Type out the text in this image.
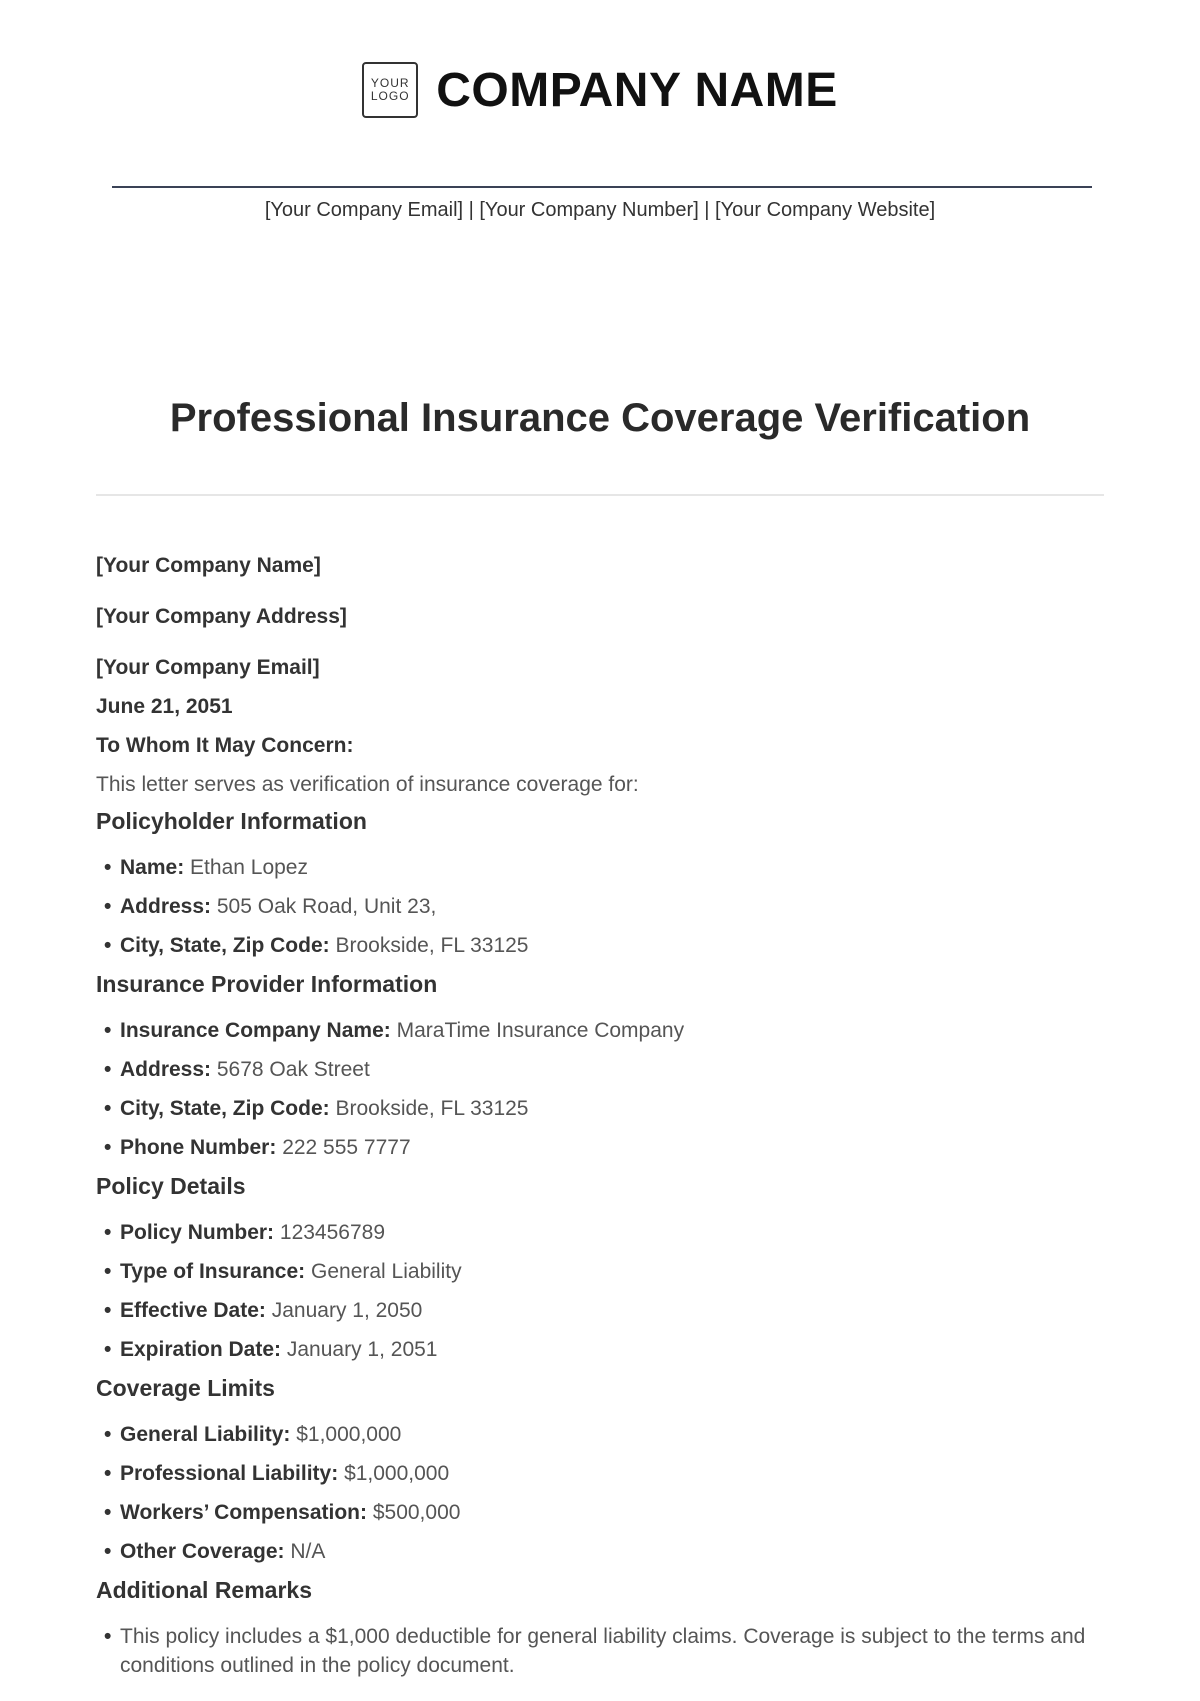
YOUR
LOGO COMPANY NAME
[Your Company Email] | [Your Company Number] | [Your Company Website]
Professional Insurance Coverage Verification
[Your Company Name]
[Your Company Address]
[Your Company Email]
June 21, 2051
To Whom It May Concern:
This letter serves as verification of insurance coverage for:
Policyholder Information
• Name: Ethan Lopez
• Address: 505 Oak Road, Unit 23,
• City, State, Zip Code: Brookside, FL 33125
Insurance Provider Information
• Insurance Company Name: MaraTime Insurance Company
• Address: 5678 Oak Street
• City, State, Zip Code: Brookside, FL 33125
• Phone Number: 222 555 7777
Policy Details
• Policy Number: 123456789
• Type of Insurance: General Liability
• Effective Date: January 1, 2050
• Expiration Date: January 1, 2051
Coverage Limits
• General Liability: $1,000,000
• Professional Liability: $1,000,000
• Workers’ Compensation: $500,000
• Other Coverage: N/A
Additional Remarks
• This policy includes a $1,000 deductible for general liability claims. Coverage is subject to the terms and conditions outlined in the policy document.
